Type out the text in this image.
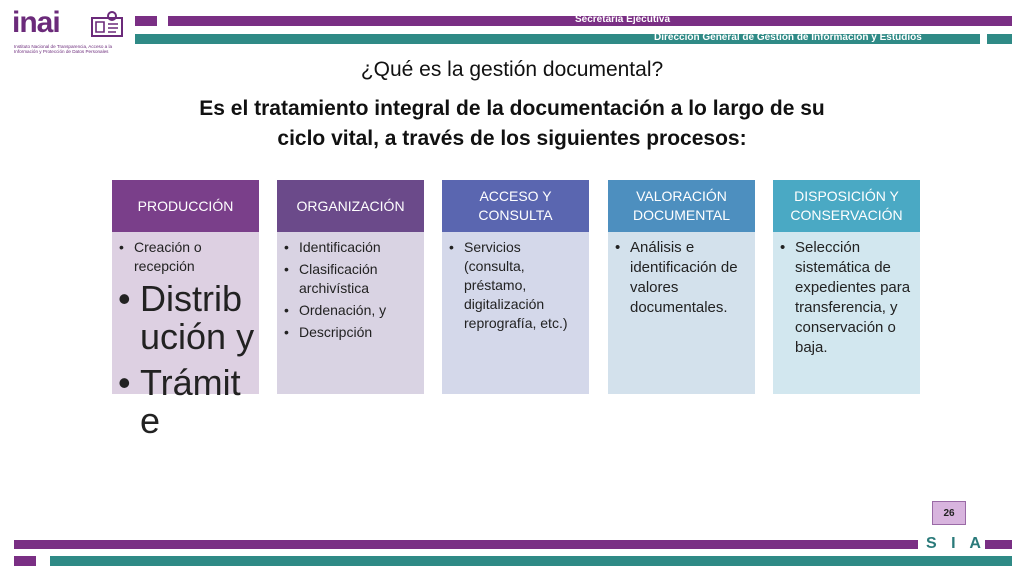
inai
Instituto Nacional de Transparencia, Acceso a la Información y Protección de Datos Personales
Secretaría Ejecutiva
Dirección General de Gestión de Información y Estudios
¿Qué es la gestión documental?
Es el tratamiento integral de la documentación a lo largo de su
ciclo vital, a través de los siguientes procesos:
PRODUCCIÓN
• Creación o recepción
• Distrib ución y
• Trámit e
ORGANIZACIÓN
• Identificación
• Clasificación archivística
• Ordenación, y
• Descripción
ACCESO Y CONSULTA
• Servicios (consulta, préstamo, digitalización reprografía, etc.)
VALORACIÓN DOCUMENTAL
• Análisis e identificación de valores documentales.
DISPOSICIÓN Y CONSERVACIÓN
• Selección sistemática de expedientes para transferencia, y conservación o baja.
26
S I A
